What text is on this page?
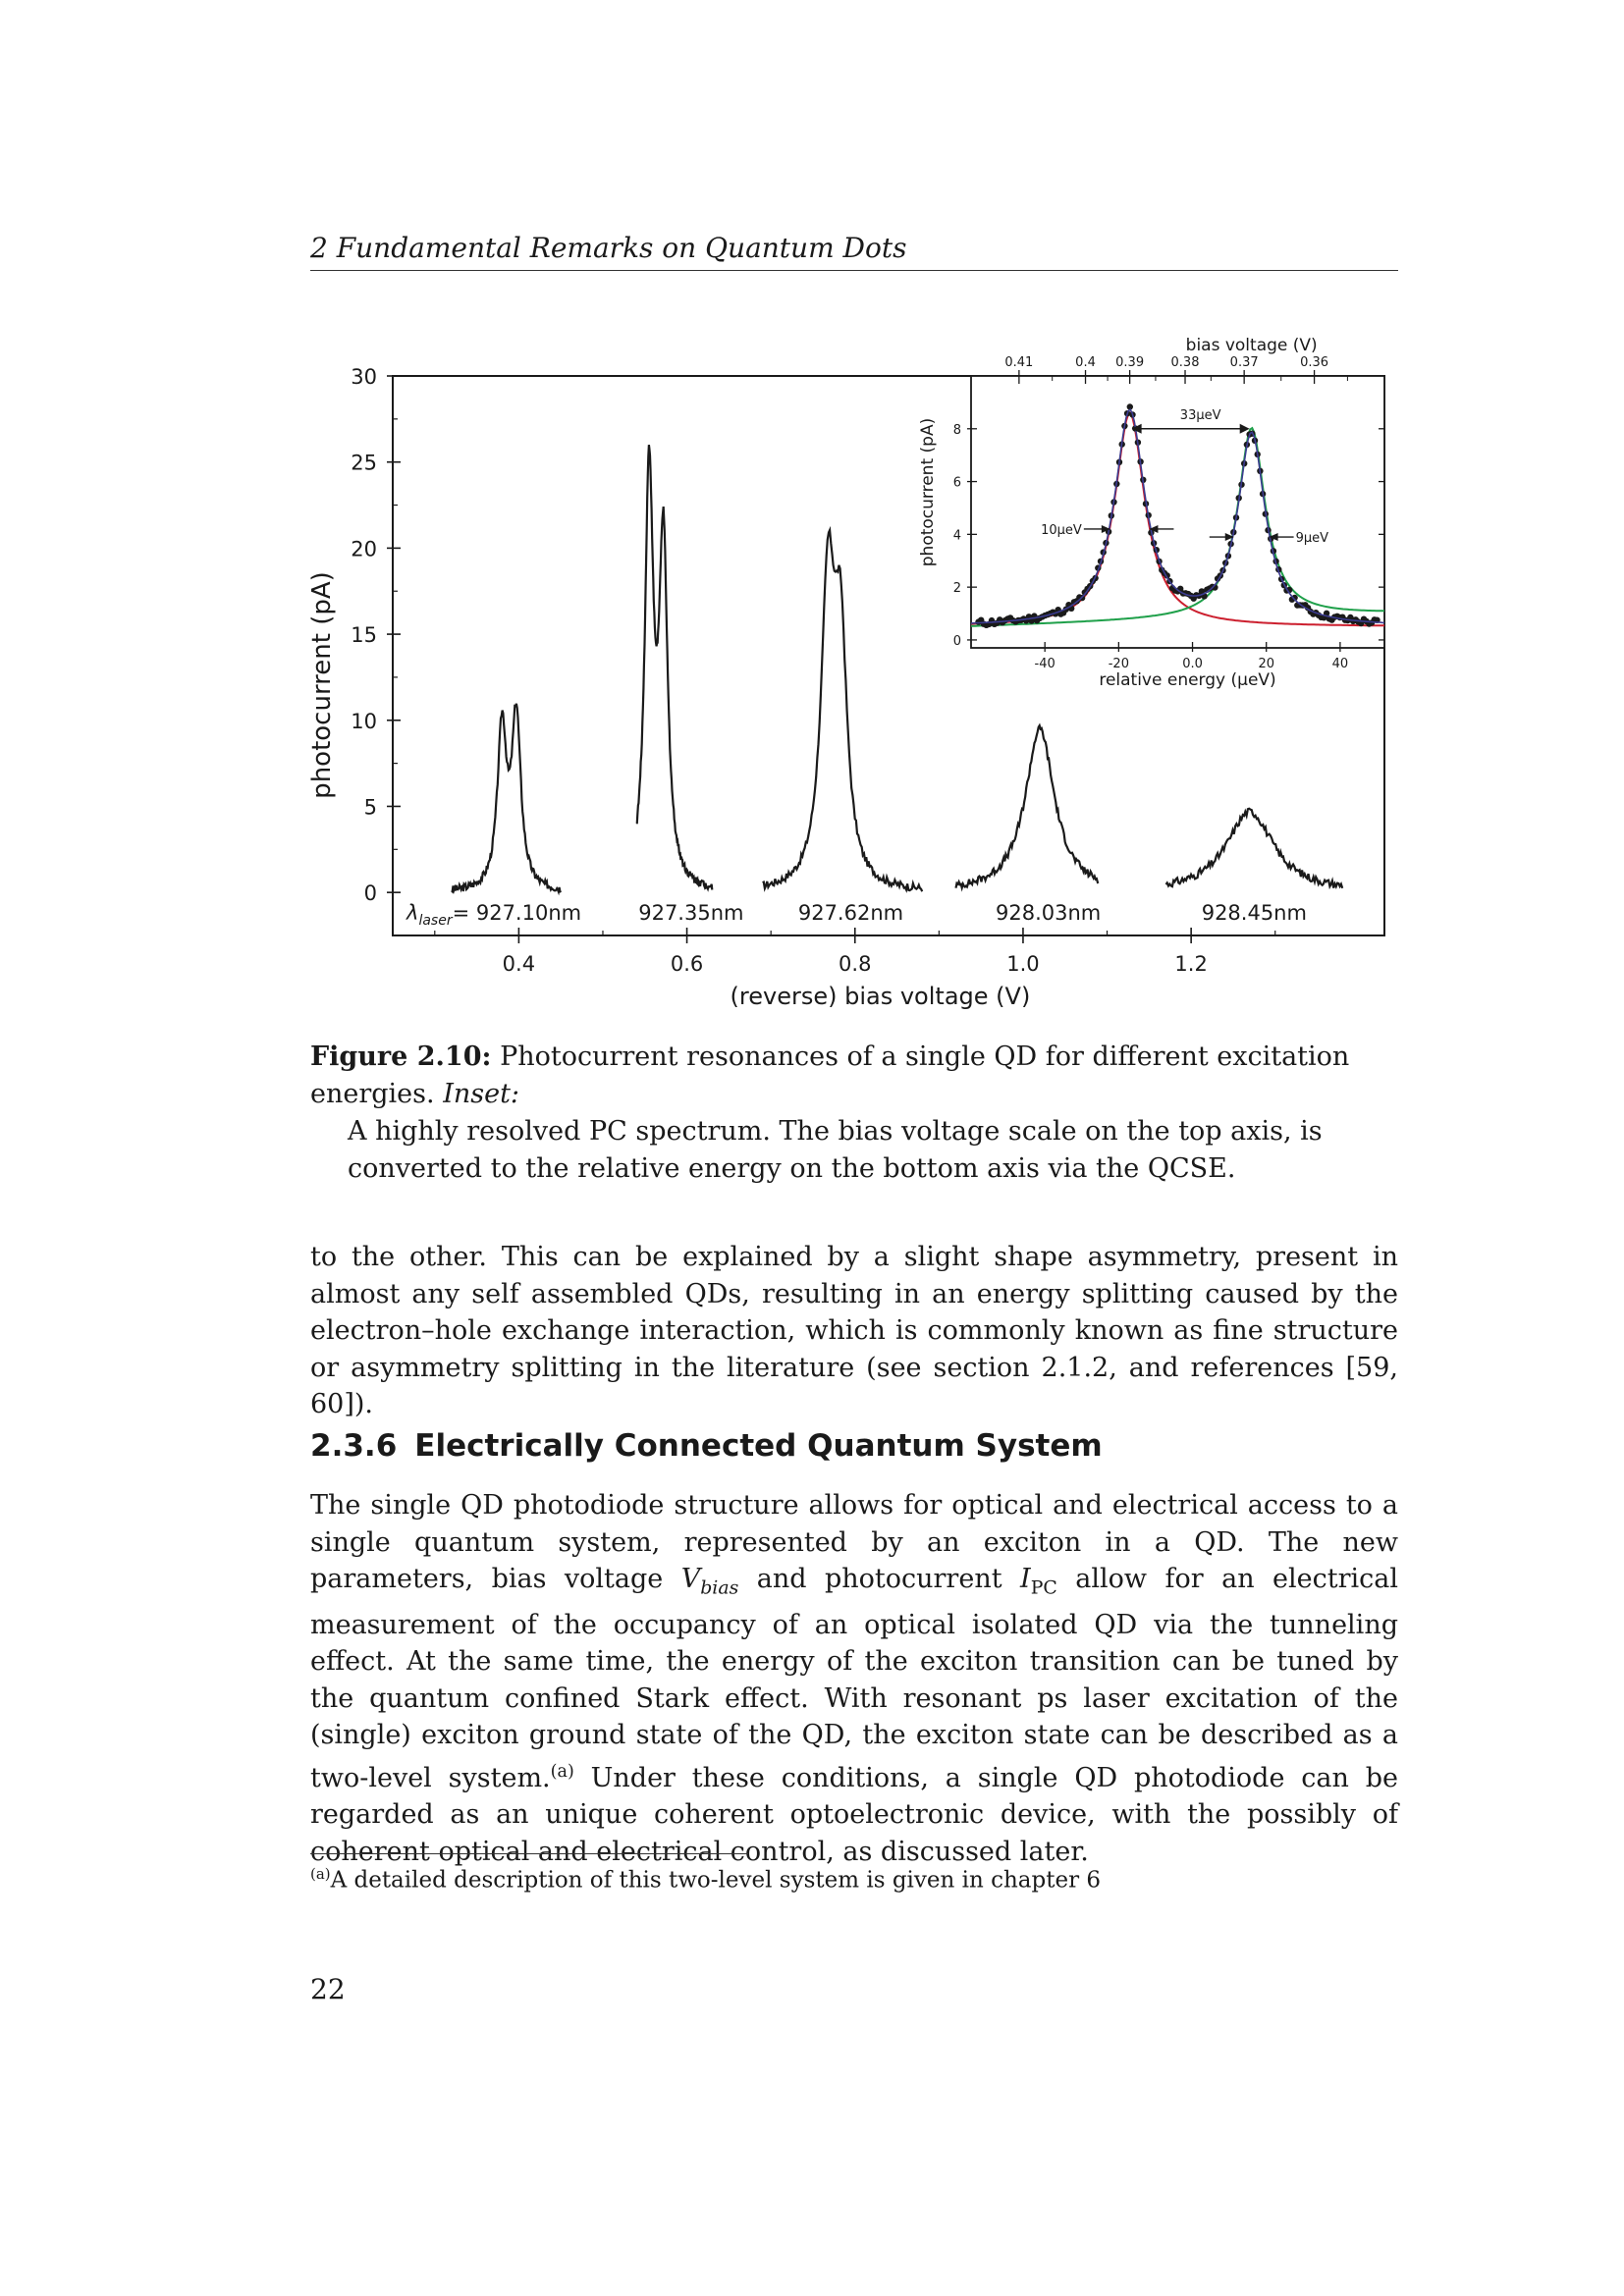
2 Fundamental Remarks on Quantum Dots
0
5
10
15
20
25
30
0.4	0.6	0.8	1.0	1.2
(reverse) bias voltage (V)
photocurrent (pA)
$\lambda_{laser}= 927.10nm$	927.35nm	927.62nm	928.03nm	928.45nm
0
2
4
6
8
-40	-20	0.0	20	40
relative energy (μeV)
photocurrent (pA)
0.41	0.4 0.39 0.38 0.37	0.36
bias voltage (V)
33μeV
10μeV
9μeV
Figure 2.10: Photocurrent resonances of a single QD for different excitation energies. Inset:
A highly resolved PC spectrum. The bias voltage scale on the top axis, is converted to the relative energy on the bottom axis via the QCSE.

to the other. This can be explained by a slight shape asymmetry, present in almost any self assembled QDs, resulting in an energy splitting caused by the electron–hole exchange interaction, which is commonly known as fine structure or asymmetry splitting in the literature (see section 2.1.2, and references [59, 60]).

2.3.6 Electrically Connected Quantum System

The single QD photodiode structure allows for optical and electrical access to a single quantum system, represented by an exciton in a QD. The new parameters, bias voltage $V_{bias}$ and photocurrent $I_{PC}$ allow for an electrical measurement of the occupancy of an optical isolated QD via the tunneling effect. At the same time, the energy of the exciton transition can be tuned by the quantum confined Stark effect. With resonant ps laser excitation of the (single) exciton ground state of the QD, the exciton state can be described as a two-level system.$^{(a)}$ Under these conditions, a single QD photodiode can be regarded as an unique coherent optoelectronic device, with the possibly of coherent optical and electrical control, as discussed later.

$^{(a)}$A detailed description of this two-level system is given in chapter 6
22
